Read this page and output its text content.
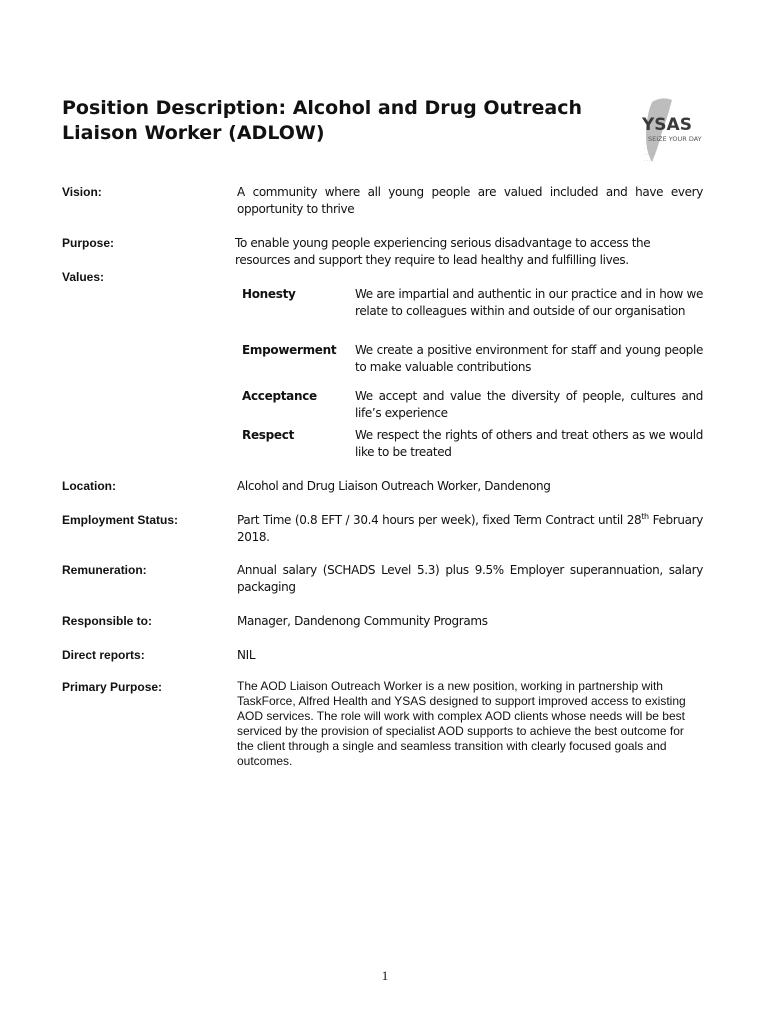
Position Description: Alcohol and Drug Outreach
Liaison Worker (ADLOW)	YSAS
SEIZE YOUR DAY
· · · · ·
· · · · ·
· · · ·
Vision:	A community where all young people are valued included and have every opportunity to thrive
Purpose:	To enable young people experiencing serious disadvantage to access the resources and support they require to lead healthy and fulfilling lives.
Values:
Honesty	We are impartial and authentic in our practice and in how we relate to colleagues within and outside of our organisation
Empowerment We create a positive environment for staff and young people to make valuable contributions
Acceptance	We accept and value the diversity of people, cultures and life’s experience
Respect	We respect the rights of others and treat others as we would like to be treated
Location:	Alcohol and Drug Liaison Outreach Worker, Dandenong
Employment Status:	Part Time (0.8 EFT / 30.4 hours per week), fixed Term Contract until 28th February 2018.
Remuneration:	Annual salary (SCHADS Level 5.3) plus 9.5% Employer superannuation, salary packaging
Responsible to:	Manager, Dandenong Community Programs
Direct reports:	NIL
Primary Purpose:	The AOD Liaison Outreach Worker is a new position, working in partnership with
TaskForce, Alfred Health and YSAS designed to support improved access to existing
AOD services. The role will work with complex AOD clients whose needs will be best
serviced by the provision of specialist AOD supports to achieve the best outcome for
the client through a single and seamless transition with clearly focused goals and
outcomes.
1
